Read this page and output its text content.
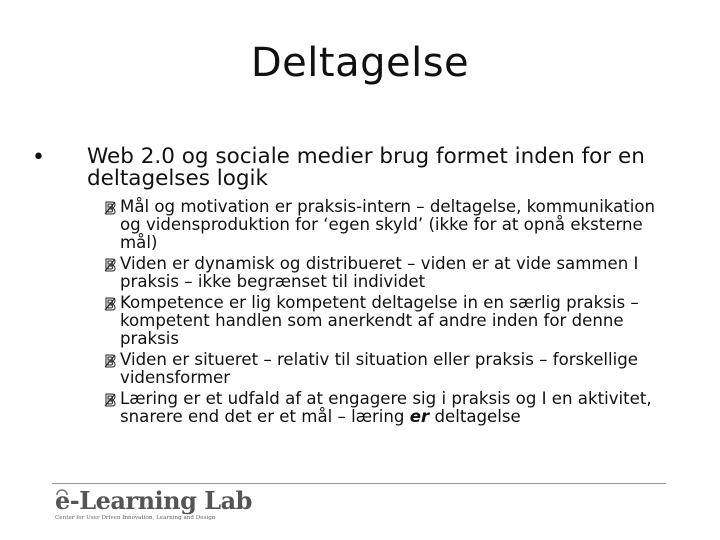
Deltagelse
• Web 2.0 og sociale medier brug formet inden for en deltagelses logik
Mål og motivation er praksis-intern – deltagelse, kommunikation og vidensproduktion for ‘egen skyld’ (ikke for at opnå eksterne mål)
Viden er dynamisk og distribueret – viden er at vide sammen I praksis – ikke begrænset til individet
Kompetence er lig kompetent deltagelse in en særlig praksis – kompetent handlen som anerkendt af andre inden for denne praksis
Viden er situeret – relativ til situation eller praksis – forskellige vidensformer
Læring er et udfald af at engagere sig i praksis og I en aktivitet, snarere end det er et mål – læring er deltagelse
e
-Learning Lab
Center for User Driven Innovation, Learning and Design
